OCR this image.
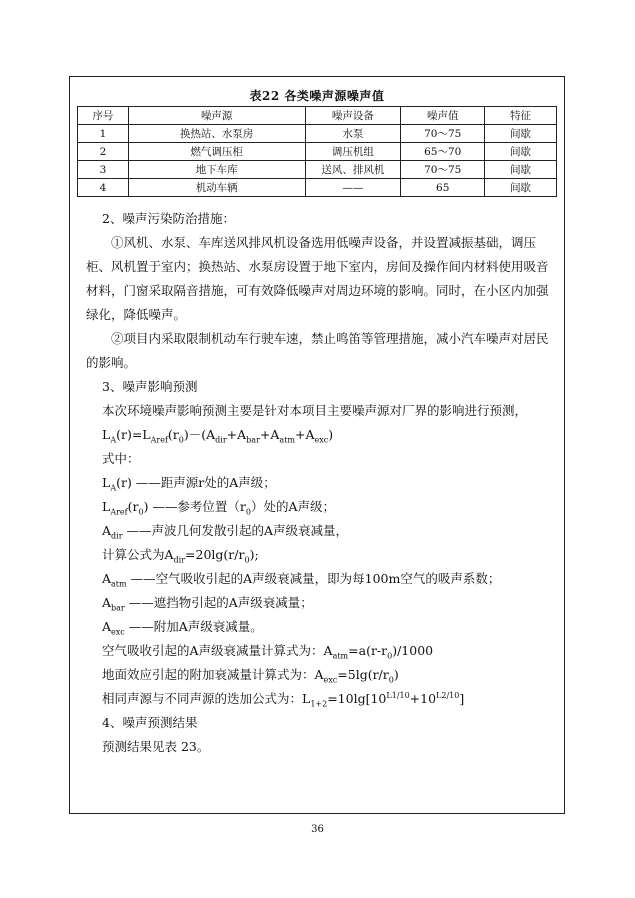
表22 各类噪声源噪声值
序号	噪声源	噪声设备	噪声值	特征
1	换热站、水泵房	水泵	70～75	间歇
2	燃气调压柜	调压机组	65～70	间歇
3	地下车库	送风、排风机	70～75	间歇
4	机动车辆	——	65	间歇

2、噪声污染防治措施：

①风机、水泵、车库送风排风机设备选用低噪声设备，并设置减振基础，调压柜、风机置于室内；换热站、水泵房设置于地下室内，房间及操作间内材料使用吸音材料，门窗采取隔音措施，可有效降低噪声对周边环境的影响。同时，在小区内加强绿化，降低噪声。

②项目内采取限制机动车行驶车速，禁止鸣笛等管理措施，减小汽车噪声对居民的影响。

3、噪声影响预测

本次环境噪声影响预测主要是针对本项目主要噪声源对厂界的影响进行预测，

$L_A(r)=L_{Aref}(r_0)-(A_{dir}+A_{bar}+A_{atm}+A_{exc})$

式中：

$L_A(r)$ ——距声源r处的A声级；

$L_{Aref}(r_0)$ ——参考位置$(r_0)$处的A声级；

$A_{dir}$ ——声波几何发散引起的A声级衰减量，

计算公式为$A_{dir}=20\lg(r/r_0)$;

$A_{atm}$ ——空气吸收引起的A声级衰减量，即为每100m空气的吸声系数；

$A_{bar}$ ——遮挡物引起的A声级衰减量；

$A_{exc}$ ——附加A声级衰减量。

空气吸收引起的A声级衰减量计算式为：$A_{atm}=a(r-r_0)/1000$

地面效应引起的附加衰减量计算式为：$A_{exc}=5\lg(r/r_0)$

相同声源与不同声源的迭加公式为：$L_{1+2}=10\lg[10^{L1/10}+10^{L2/10}]$

4、噪声预测结果

预测结果见表 23。

36
